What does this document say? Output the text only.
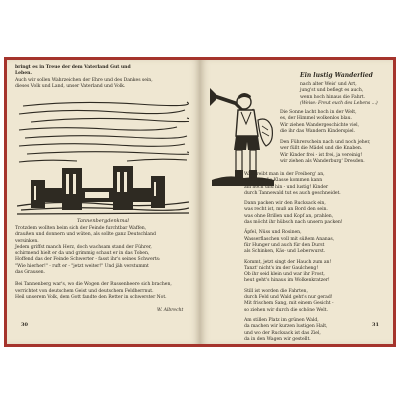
bringt es in Treue der dem Vaterland Gut und

Leben.

Auch wir sollen Wahrzeichen der Ehre und des Dankes sein,

dieses Volk und Land, unser Vaterland und Volk.

Tannenbergdenkmal

Trotzdem wollten beim sich der Feinde furchtbar Waffen,

draußen und donnern und wüten, als sollte ganz Deutschland

versinken.

Jedem griffst manch Herz, doch wachsam stand der Führer,

schirmend hielt er da und grimmig schaut er in das Toben,

Hoffend das der Feinde Schwerter - fasst ihr's seines Schwerts:

"Wie hierher!" - ruft er - "jetzt weiter!" Und jäh verstummt

das Grausen.

Bei Tannenberg war's, wo die Wogen der Russenheere sich brachen,

verrichtet von deutschem Geist und deutschem Feldherrnut.

Heil unserem Volk, dem Gott fandte den Retter in schwerster Not.

W. Albrecht
30
Ein lustig Wanderlied

nach alter Weis' und Art,

jung'st und befiegt es auch,

wenn hoch hinaus die Fahrt.

(Weise: Freut euch des Lebens ...)

Die Sonne lacht hoch in der Welt,

es, der Himmel wolkenlos blau.

Wir ziehen Wandergeschichte viel,

die ihr das Wandern Kinderspiel.

Den Führerschein nach und noch jeher,

wer füllt die Mädel und die Knaben.

Wir Kinder frei - ist frei, ja vereinig!

wir ziehen als Wanderburg' Dresden.

Was treibt man in der Freiberg' an,

wohl mit die Klasse kommen kann

am hoch und hin - und lustig! Kinder

durch Tannewald tut es auch geschneidet.

Dann packen wir den Rucksack ein,

was recht ist, muß an Bord den sein.

was ohne Brillen und Kopf an, prahlen,

das möcht ihr hübsch nach unsern packen!

Äpfel, Nüss und Rosinen,

Wasserflaschen voll mit süßem Ananas,

für Hunger und auch für den Durst

als Schinken, Käs- und Leberwurst.

Kommt, jetzt singt der Hauch zum an!

Tanzt' nicht's im der Gaulcheng!

Ob ihr seid klein und war ihr Frost,

heut geht's hinaus im Wolkenkratzer!

Still ist worden die Fahrten,

durch Feld und Wald geht's nur gerad!

Mit frischem Sang, mit einem Gesicht -

so ziehen wir durch die schöne Welt.

Am stillen Platz im grünen Wald,

da machen wir kurzen lustigen Halt,

und wo der Rucksack ist das Ziel,

da in den Wagen wir gestellt.

31
